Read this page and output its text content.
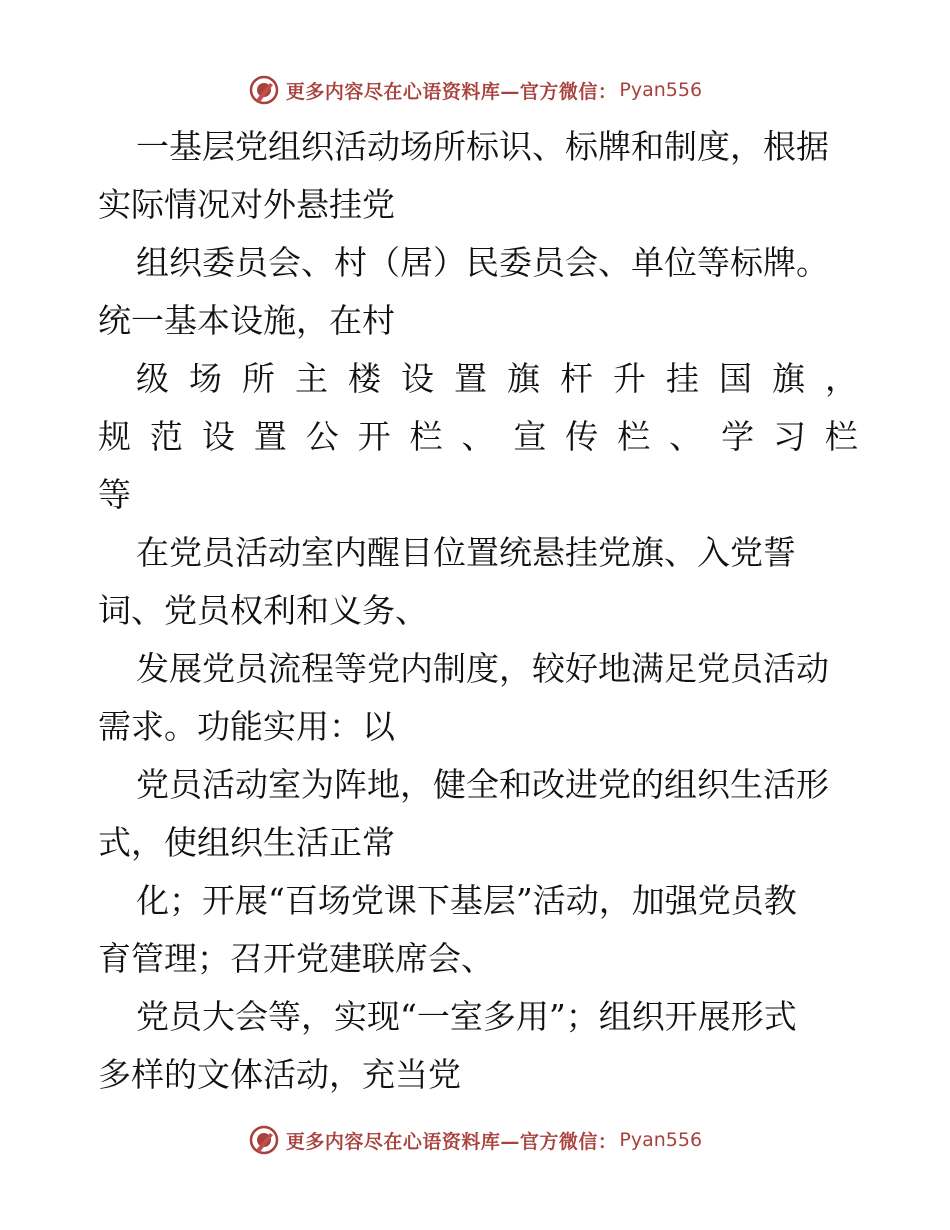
更多内容尽在心语资料库—官方微信： Pyan556

一基层党组织活动场所标识、标牌和制度，根据
实际情况对外悬挂党

组织委员会、村（居）民委员会、单位等标牌。
统一基本设施，在村

级 场 所 主 楼 设 置 旗 杆 升 挂 国 旗 ，
规 范 设 置 公 开 栏 、 宣 传 栏 、 学 习 栏
等

在党员活动室内醒目位置统悬挂党旗、入党誓
词、党员权利和义务、

发展党员流程等党内制度，较好地满足党员活动
需求。功能实用：以

党员活动室为阵地，健全和改进党的组织生活形
式，使组织生活正常

化；开展“百场党课下基层”活动，加强党员教
育管理；召开党建联席会、

党员大会等，实现“一室多用”；组织开展形式
多样的文体活动，充当党

更多内容尽在心语资料库—官方微信： Pyan556
